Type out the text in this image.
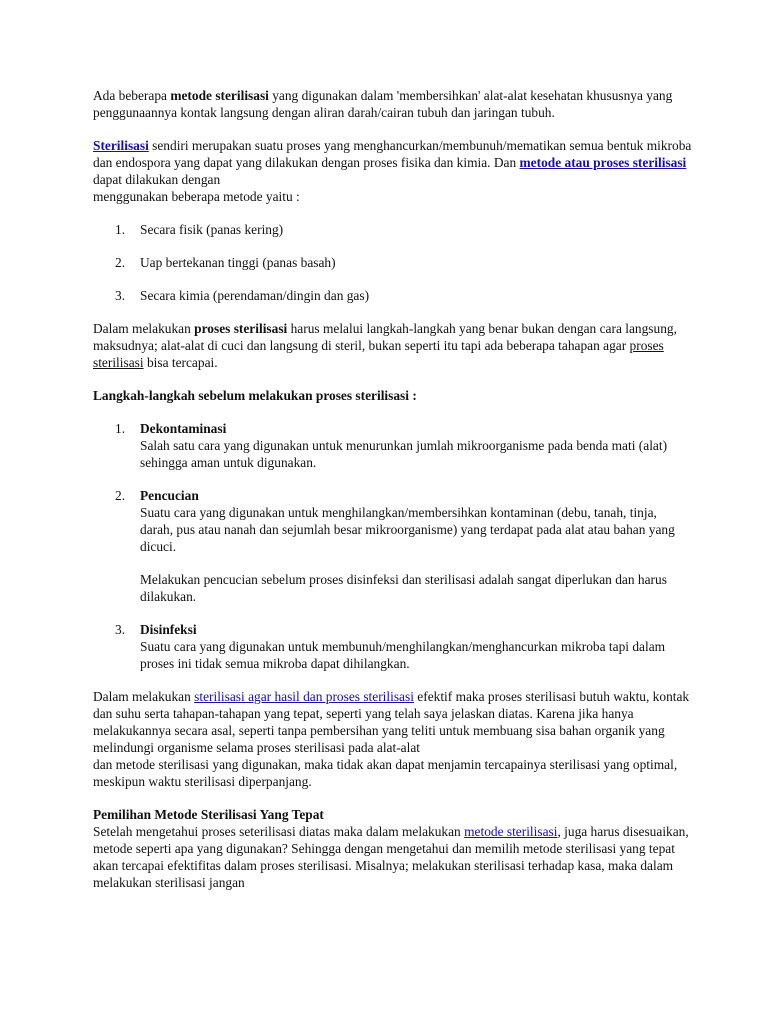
Ada beberapa metode sterilisasi yang digunakan dalam 'membersihkan' alat-alat kesehatan khususnya yang penggunaannya kontak langsung dengan aliran darah/cairan tubuh dan jaringan tubuh.

Sterilisasi sendiri merupakan suatu proses yang menghancurkan/membunuh/mematikan semua bentuk mikroba dan endospora yang dapat yang dilakukan dengan proses fisika dan kimia. Dan metode atau proses sterilisasi dapat dilakukan dengan
menggunakan beberapa metode yaitu :

1. Secara fisik (panas kering)
2. Uap bertekanan tinggi (panas basah)
3. Secara kimia (perendaman/dingin dan gas)

Dalam melakukan proses sterilisasi harus melalui langkah-langkah yang benar bukan dengan cara langsung, maksudnya; alat-alat di cuci dan langsung di steril, bukan seperti itu tapi ada beberapa tahapan agar proses sterilisasi bisa tercapai.

Langkah-langkah sebelum melakukan proses sterilisasi :

1. Dekontaminasi
Salah satu cara yang digunakan untuk menurunkan jumlah mikroorganisme pada benda mati (alat) sehingga aman untuk digunakan.
2. Pencucian
Suatu cara yang digunakan untuk menghilangkan/membersihkan kontaminan (debu, tanah, tinja, darah, pus atau nanah dan sejumlah besar mikroorganisme) yang terdapat pada alat atau bahan yang dicuci.
Melakukan pencucian sebelum proses disinfeksi dan sterilisasi adalah sangat diperlukan dan harus dilakukan.
3. Disinfeksi
Suatu cara yang digunakan untuk membunuh/menghilangkan/menghancurkan mikroba tapi dalam proses ini tidak semua mikroba dapat dihilangkan.

Dalam melakukan sterilisasi agar hasil dan proses sterilisasi efektif maka proses sterilisasi butuh waktu, kontak dan suhu serta tahapan-tahapan yang tepat, seperti yang telah saya jelaskan diatas. Karena jika hanya melakukannya secara asal, seperti tanpa pembersihan yang teliti untuk membuang sisa bahan organik yang melindungi organisme selama proses sterilisasi pada alat-alat
dan metode sterilisasi yang digunakan, maka tidak akan dapat menjamin tercapainya sterilisasi yang optimal, meskipun waktu sterilisasi diperpanjang.

Pemilihan Metode Sterilisasi Yang Tepat
Setelah mengetahui proses seterilisasi diatas maka dalam melakukan metode sterilisasi, juga harus disesuaikan, metode seperti apa yang digunakan? Sehingga dengan mengetahui dan memilih metode sterilisasi yang tepat akan tercapai efektifitas dalam proses sterilisasi. Misalnya; melakukan sterilisasi terhadap kasa, maka dalam melakukan sterilisasi jangan
